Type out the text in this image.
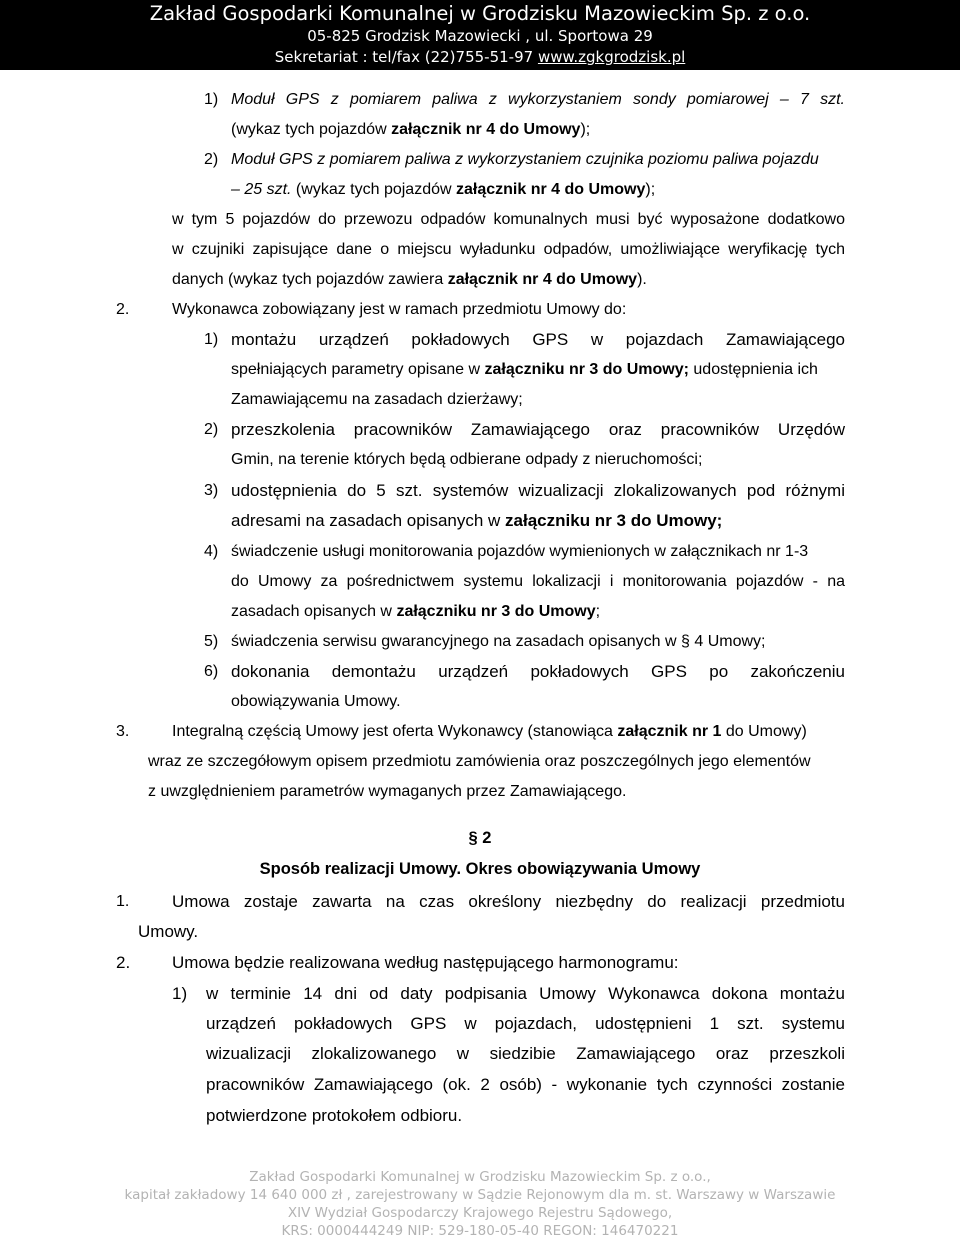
Zakład Gospodarki Komunalnej w Grodzisku Mazowieckim Sp. z o.o.
05-825 Grodzisk Mazowiecki , ul. Sportowa 29
Sekretariat : tel/fax (22)755-51-97 www.zgkgrodzisk.pl
1) Moduł GPS z pomiarem paliwa z wykorzystaniem sondy pomiarowej – 7 szt.
(wykaz tych pojazdów załącznik nr 4 do Umowy);
2) Moduł GPS z pomiarem paliwa z wykorzystaniem czujnika poziomu paliwa pojazdu
– 25 szt. (wykaz tych pojazdów załącznik nr 4 do Umowy);
w tym 5 pojazdów do przewozu odpadów komunalnych musi być wyposażone dodatkowo
w czujniki zapisujące dane o miejscu wyładunku odpadów, umożliwiające weryfikację tych
danych (wykaz tych pojazdów zawiera załącznik nr 4 do Umowy).
2.	Wykonawca zobowiązany jest w ramach przedmiotu Umowy do:
1) montażu urządzeń pokładowych GPS w pojazdach Zamawiającego
spełniających parametry opisane w załączniku nr 3 do Umowy; udostępnienia ich
Zamawiającemu na zasadach dzierżawy;
2) przeszkolenia pracowników Zamawiającego oraz pracowników Urzędów
Gmin, na terenie których będą odbierane odpady z nieruchomości;
3) udostępnienia do 5 szt. systemów wizualizacji zlokalizowanych pod różnymi
adresami na zasadach opisanych w załączniku nr 3 do Umowy;
4) świadczenie usługi monitorowania pojazdów wymienionych w załącznikach nr 1-3
do Umowy za pośrednictwem systemu lokalizacji i monitorowania pojazdów - na
zasadach opisanych w załączniku nr 3 do Umowy;
5) świadczenia serwisu gwarancyjnego na zasadach opisanych w § 4 Umowy;
6) dokonania demontażu urządzeń pokładowych GPS po zakończeniu
obowiązywania Umowy.
3.	Integralną częścią Umowy jest oferta Wykonawcy (stanowiąca załącznik nr 1 do Umowy)
wraz ze szczegółowym opisem przedmiotu zamówienia oraz poszczególnych jego elementów
z uwzględnieniem parametrów wymaganych przez Zamawiającego.
§ 2
Sposób realizacji Umowy. Okres obowiązywania Umowy
1.	Umowa zostaje zawarta na czas określony niezbędny do realizacji przedmiotu
Umowy.
2. Umowa będzie realizowana według następującego harmonogramu:
1) w terminie 14 dni od daty podpisania Umowy Wykonawca dokona montażu
urządzeń pokładowych GPS w pojazdach, udostępnieni 1 szt. systemu
wizualizacji zlokalizowanego w siedzibie Zamawiającego oraz przeszkoli
pracowników Zamawiającego (ok. 2 osób) - wykonanie tych czynności zostanie
potwierdzone protokołem odbioru.
Zakład Gospodarki Komunalnej w Grodzisku Mazowieckim Sp. z o.o.,
kapitał zakładowy 14 640 000 zł , zarejestrowany w Sądzie Rejonowym dla m. st. Warszawy w Warszawie
XIV Wydział Gospodarczy Krajowego Rejestru Sądowego,
KRS: 0000444249 NIP: 529-180-05-40 REGON: 146470221
